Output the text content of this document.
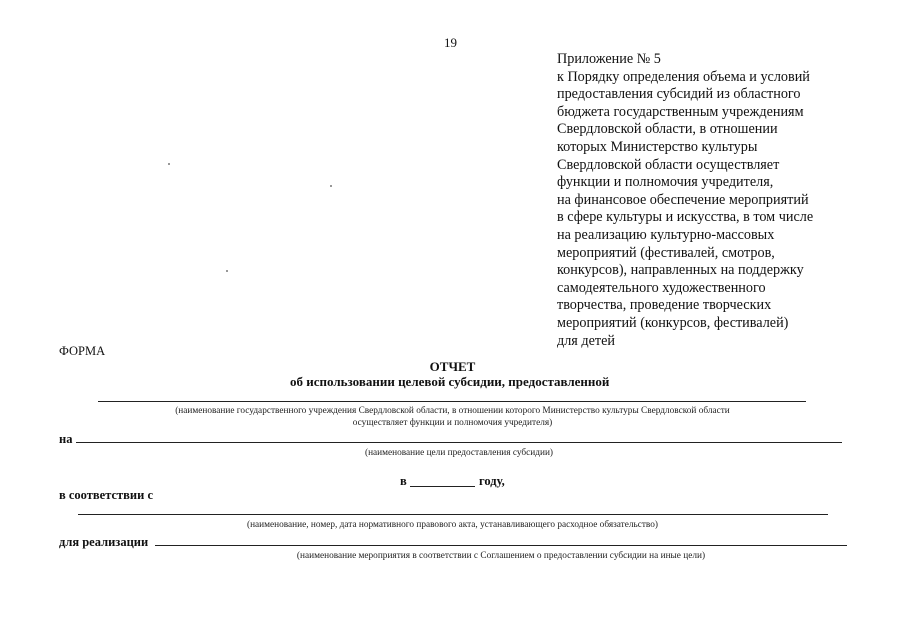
19
Приложение № 5
к Порядку определения объема и условий
предоставления субсидий из областного
бюджета государственным учреждениям
Свердловской области, в отношении
которых Министерство культуры
Свердловской области осуществляет
функции и полномочия учредителя,
на финансовое обеспечение мероприятий
в сфере культуры и искусства, в том числе
на реализацию культурно-массовых
мероприятий (фестивалей, смотров,
конкурсов), направленных на поддержку
самодеятельного художественного
творчества, проведение творческих
мероприятий (конкурсов, фестивалей)
для детей
ФОРМА
ОТЧЕТ
об использовании целевой субсидии, предоставленной
(наименование государственного учреждения Свердловской области, в отношении которого Министерство культуры Свердловской области
осуществляет функции и полномочия учредителя)
на
(наименование цели предоставления субсидии)
в	году,
в соответствии с
(наименование, номер, дата нормативного правового акта, устанавливающего расходное обязательство)
для реализации
(наименование мероприятия в соответствии с Соглашением о предоставлении субсидии на иные цели)
